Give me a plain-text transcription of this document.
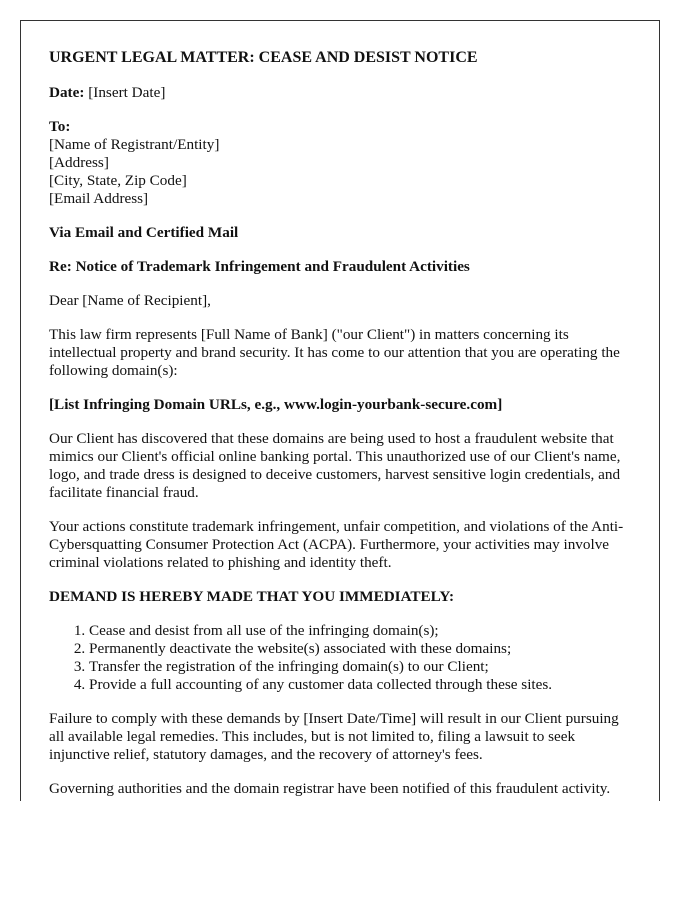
URGENT LEGAL MATTER: CEASE AND DESIST NOTICE

Date: [Insert Date]

To:
[Name of Registrant/Entity]
[Address]
[City, State, Zip Code]
[Email Address]

Via Email and Certified Mail

Re: Notice of Trademark Infringement and Fraudulent Activities

Dear [Name of Recipient],

This law firm represents [Full Name of Bank] ("our Client") in matters concerning its intellectual property and brand security. It has come to our attention that you are operating the following domain(s):

[List Infringing Domain URLs, e.g., www.login-yourbank-secure.com]

Our Client has discovered that these domains are being used to host a fraudulent website that mimics our Client's official online banking portal. This unauthorized use of our Client's name, logo, and trade dress is designed to deceive customers, harvest sensitive login credentials, and facilitate financial fraud.

Your actions constitute trademark infringement, unfair competition, and violations of the Anti-Cybersquatting Consumer Protection Act (ACPA). Furthermore, your activities may involve criminal violations related to phishing and identity theft.

DEMAND IS HEREBY MADE THAT YOU IMMEDIATELY:

1. Cease and desist from all use of the infringing domain(s);
2. Permanently deactivate the website(s) associated with these domains;
3. Transfer the registration of the infringing domain(s) to our Client;
4. Provide a full accounting of any customer data collected through these sites.

Failure to comply with these demands by [Insert Date/Time] will result in our Client pursuing all available legal remedies. This includes, but is not limited to, filing a lawsuit to seek injunctive relief, statutory damages, and the recovery of attorney's fees.

Governing authorities and the domain registrar have been notified of this fraudulent activity.
